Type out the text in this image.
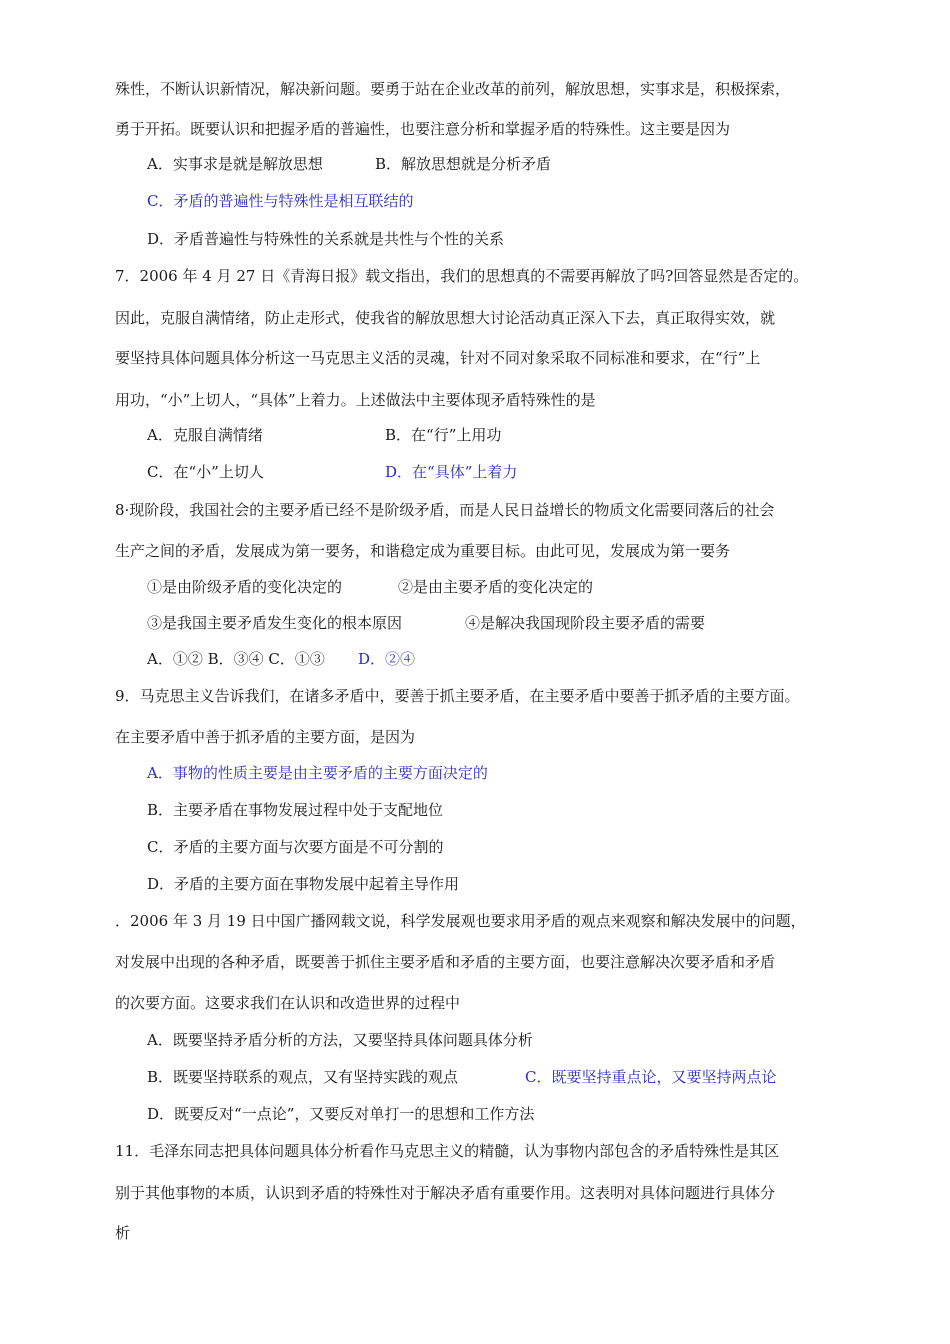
殊性，不断认识新情况，解决新问题。要勇于站在企业改革的前列，解放思想，实事求是，积极探索，
勇于开拓。既要认识和把握矛盾的普遍性，也要注意分析和掌握矛盾的特殊性。这主要是因为
A．实事求是就是解放思想	B．解放思想就是分析矛盾
C．矛盾的普遍性与特殊性是相互联结的
D．矛盾普遍性与特殊性的关系就是共性与个性的关系
7．2006 年 4 月 27 日《青海日报》载文指出，我们的思想真的不需要再解放了吗?回答显然是否定的。
因此，克服自满情绪，防止走形式，使我省的解放思想大讨论活动真正深入下去，真正取得实效，就
要坚持具体问题具体分析这一马克思主义活的灵魂，针对不同对象采取不同标准和要求，在“行”上
用功，“小”上切人，“具体”上着力。上述做法中主要体现矛盾特殊性的是
A．克服自满情绪	B．在“行”上用功
C．在“小”上切人	D．在“具体”上着力
8·现阶段，我国社会的主要矛盾已经不是阶级矛盾，而是人民日益增长的物质文化需要同落后的社会
生产之间的矛盾，发展成为第一要务，和谐稳定成为重要目标。由此可见，发展成为第一要务
①是由阶级矛盾的变化决定的	②是由主要矛盾的变化决定的
③是我国主要矛盾发生变化的根本原因	④是解决我国现阶段主要矛盾的需要
A．①② B．③④ C．①③ D．②④
9．马克思主义告诉我们，在诸多矛盾中，要善于抓主要矛盾，在主要矛盾中要善于抓矛盾的主要方面。
在主要矛盾中善于抓矛盾的主要方面，是因为
A．事物的性质主要是由主要矛盾的主要方面决定的
B．主要矛盾在事物发展过程中处于支配地位
C．矛盾的主要方面与次要方面是不可分割的
D．矛盾的主要方面在事物发展中起着主导作用
．2006 年 3 月 19 日中国广播网载文说，科学发展观也要求用矛盾的观点来观察和解决发展中的问题，
对发展中出现的各种矛盾，既要善于抓住主要矛盾和矛盾的主要方面，也要注意解决次要矛盾和矛盾
的次要方面。这要求我们在认识和改造世界的过程中
A．既要坚持矛盾分析的方法，又要坚持具体问题具体分析
B．既要坚持联系的观点，又有坚持实践的观点	C．既要坚持重点论，又要坚持两点论
D．既要反对“一点论”，又要反对单打一的思想和工作方法
11．毛泽东同志把具体问题具体分析看作马克思主义的精髓，认为事物内部包含的矛盾特殊性是其区
别于其他事物的本质，认识到矛盾的特殊性对于解决矛盾有重要作用。这表明对具体问题进行具体分
析
